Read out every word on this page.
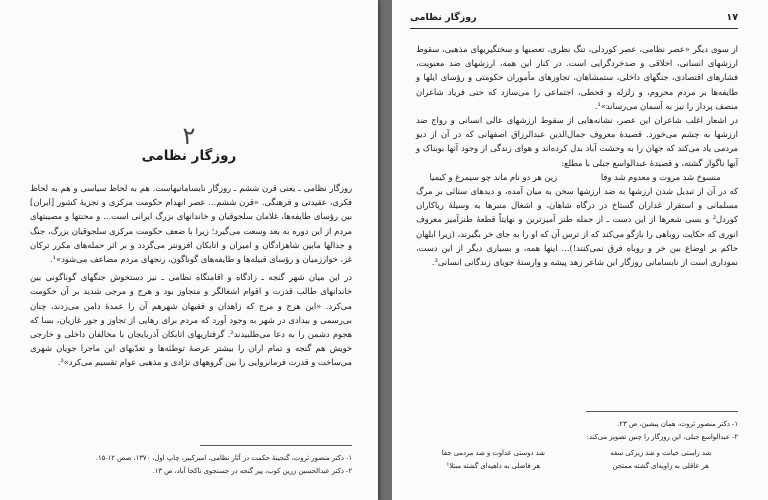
۲
روزگار نظامی

روزگار نظامی ـ یعنی قرن ششم ـ روزگار نابسامانیهاست. هم به لحاظ سیاسی و هم به لحاظ فکری، عقیدتی و فرهنگی. «قرن ششم... عصر انهدام حکومت مرکزی و تجزیهٔ کشور [ایران] بین رؤسای طایفه‌ها، غلامان سلجوقیان و خاندانهای بزرگ ایرانی است... و محنتها و مصیبتهای مردم از این دوره به بعد وسعت می‌گیرد؛ زیرا با ضعف حکومت مرکزی سلجوقیان بزرگ، جنگ و جدالها مابین شاهزادگان و امیران و اتابکان افزونتر می‌گردد و بر اثر حمله‌های مکرر ترکان غز، خوارزمیان و رؤسای قبیله‌ها و طایفه‌های گوناگون، رنجهای مردم مضاعف می‌شود»¹.

در این میان شهر گنجه ـ زادگاه و اقامتگاه نظامی ـ نیز دستخوش جنگهای گوناگونی بین خاندانهای طالب قدرت و اقوام اشغالگر و متجاوز بود و هرج و مرجی شدید بر آن حکومت می‌کرد. «این هرج و مرج که زاهدان و فقیهان شهرهم آن را عمدهٔ دامن می‌زدند، چنان بی‌رسمی و بیدادی در شهر به وجود آورد که مردم برای رهایی از تجاوز و جور غازیان، بسا که هجوم دشمن را به دعا می‌طلبیدند². گرفتاریهای اتابکان آذربایجان با مخالفان داخلی و خارجی خویش هم گنجه و تمام اران را بیشتر عرصهٔ توطئه‌ها و تعدّیهای این ماجرا جویان شهری می‌ساخت و قدرت فرمانروایی را بین گروههای نژادی و مذهبی عوام تقسیم می‌کرد»³.

۱- دکتر منصور ثروت، گنجینهٔ حکمت در آثار نظامی، امیرکبیر، چاپ اول، ۱۳۷۰، صص ۱۲-۱۵.
۲- دکتر عبدالحسین زرین کوب، پیر گنجه در جستجوی ناکجا آباد، ص ۱۳.
۱۷
روزگار نظامی

از سوی دیگر «عصر نظامی، عصر کوردلی، تنگ نظری، تعصبها و سختگیریهای مذهبی، سقوط ارزشهای انسانی، اخلاقی و ضدخردگرایی است. در کنار این همه، ارزشهای ضد معنویت، فشارهای اقتصادی، جنگهای داخلی، ستمشاهان، تجاوزهای مأموران حکومتی و رؤسای ایلها و طایفه‌ها بر مردم محروم، و زلزله و قحطی، اجتماعی را می‌سازد که حتی فریاد شاعران منصف پرداز را نیز به آسمان می‌رساند»¹.

در اشعار اغلب شاعران این عصر، نشانه‌هایی از سقوط ارزشهای عالی انسانی و رواج ضد ارزشها به چشم می‌خورد. قصیدهٔ معروف جمال‌الدین عبدالرزاق اصفهانی که در آن از دیو مردمی یاد می‌کند که جهان را به وحشت آباد بدل کرده‌اند و هوای زندگی از وجود آنها بوبناک و آنها ناگوار گشته، و قصیدهٔ عبدالواسع جبلی با مطلع:

منسوخ شد مروت و معدوم شد وفا
زین هر دو نام ماند چو سیمرغ و کیمیا

که در آن از تبدیل شدن ارزشها به ضد ارزشها سخن به میان آمده، و دیدهای ستائی بر مرگ مسلمانی و استقرار غداران گستاخ در درگاه شاهان، و اشغال منبرها به وسیلهٔ ریاکاران کوردل² و بسی شعرها از این دست ـ از جمله طنز آمیزترین و نهایتاً قطعهٔ طنزآمیز معروف انوری که حکایت روباهی را بازگو می‌کند که از ترس آن که او را به جای خر بگیرند، (زیرا ابلهان حاکم بر اوضاع بین خر و روباه فرق نمی‌کنند!)... اینها همه، و بسیاری دیگر از این دست، نموداری است از نابسامانی روزگار این شاعر زهد پیشه و وارستهٔ جویای زندگانی انسانی³.

۱- دکتر منصور ثروت، همان پیشین، ص ۲۳.
۲- عبدالواسع جبلی، این روزگار را چنین تصویر می‌کند:
شد راستی خیانت و شد زیرکی سفه
شد دوستی عداوت و شد مردمی جفا
هر عاقلی به زاویه‌ای گشته ممتحن
هر فاضلی به داهیه‌ای گشته مبتلا¹
